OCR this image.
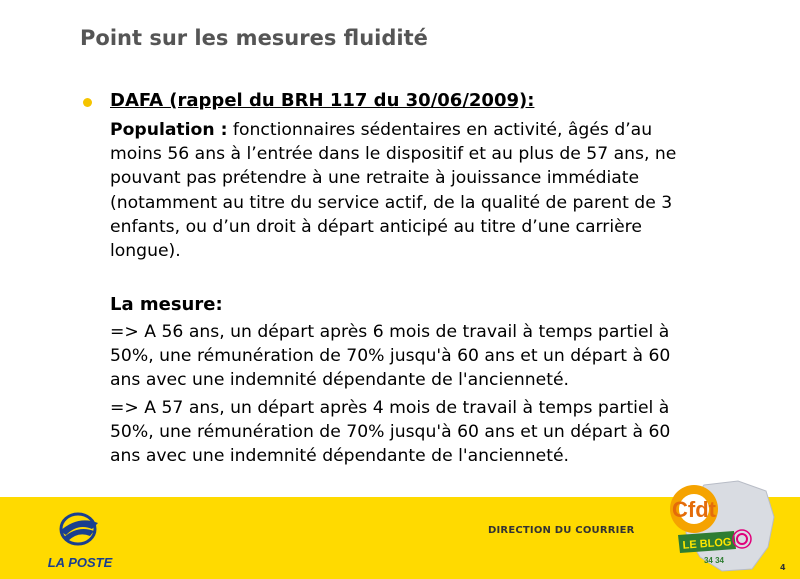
Point sur les mesures fluidité
DAFA (rappel du BRH 117 du 30/06/2009):
Population : fonctionnaires sédentaires en activité, âgés d’au
moins 56 ans à l’entrée dans le dispositif et au plus de 57 ans, ne
pouvant pas prétendre à une retraite à jouissance immédiate
(notamment au titre du service actif, de la qualité de parent de 3
enfants, ou d’un droit à départ anticipé au titre d’une carrière
longue).
La mesure:
=> A 56 ans, un départ après 6 mois de travail à temps partiel à
50%, une rémunération de 70% jusqu'à 60 ans et un départ à 60
ans avec une indemnité dépendante de l'ancienneté.
=> A 57 ans, un départ après 4 mois de travail à temps partiel à
50%, une rémunération de 70% jusqu'à 60 ans et un départ à 60
ans avec une indemnité dépendante de l'ancienneté.
LA POSTE
DIRECTION DU COURRIER
Cfdt
LE BLOG
34 34
4
